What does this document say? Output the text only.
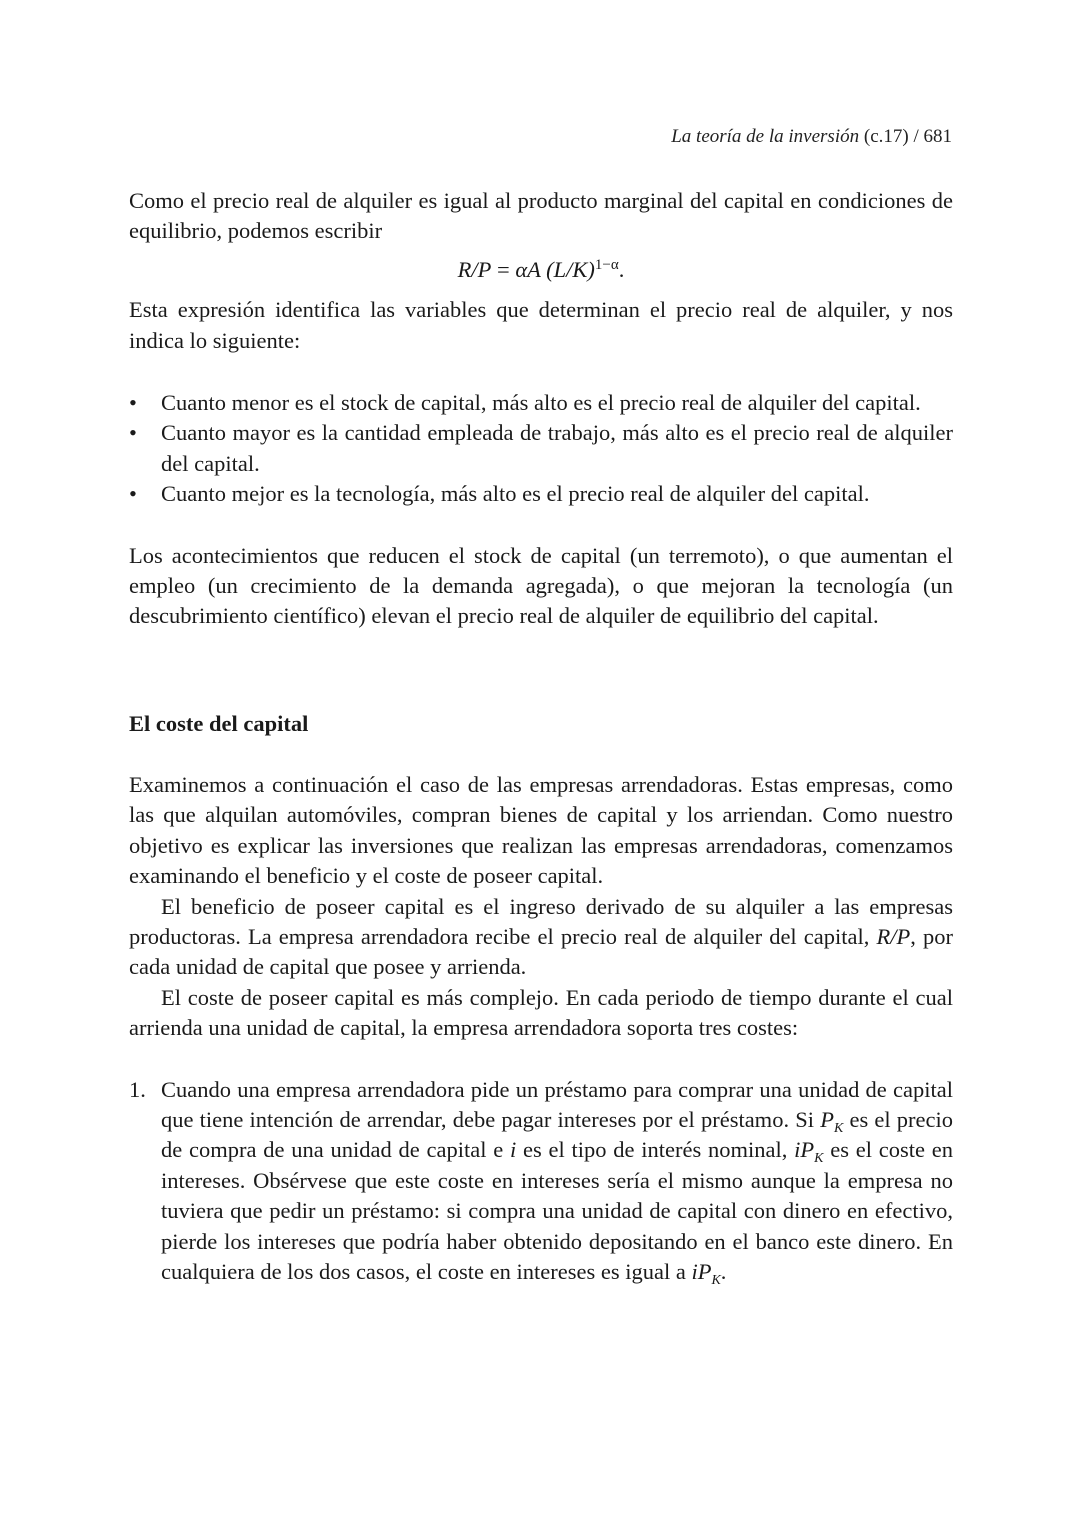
La teoría de la inversión (c.17) / 681

Como el precio real de alquiler es igual al producto marginal del capital en condiciones de equilibrio, podemos escribir

R/P = αA $(L/K)^{1-\alpha}$.

Esta expresión identifica las variables que determinan el precio real de alquiler, y nos indica lo siguiente:

• Cuanto menor es el stock de capital, más alto es el precio real de alquiler del capital.
• Cuanto mayor es la cantidad empleada de trabajo, más alto es el precio real de alquiler del capital.
• Cuanto mejor es la tecnología, más alto es el precio real de alquiler del capital.

Los acontecimientos que reducen el stock de capital (un terremoto), o que aumentan el empleo (un crecimiento de la demanda agregada), o que mejoran la tecnología (un descubrimiento científico) elevan el precio real de alquiler de equilibrio del capital.

El coste del capital

Examinemos a continuación el caso de las empresas arrendadoras. Estas empresas, como las que alquilan automóviles, compran bienes de capital y los arriendan. Como nuestro objetivo es explicar las inversiones que realizan las empresas arrendadoras, comenzamos examinando el beneficio y el coste de poseer capital.

El beneficio de poseer capital es el ingreso derivado de su alquiler a las empresas productoras. La empresa arrendadora recibe el precio real de alquiler del capital, R/P, por cada unidad de capital que posee y arrienda.

El coste de poseer capital es más complejo. En cada periodo de tiempo durante el cual arrienda una unidad de capital, la empresa arrendadora soporta tres costes:

1. Cuando una empresa arrendadora pide un préstamo para comprar una unidad de capital que tiene intención de arrendar, debe pagar intereses por el préstamo. Si $P_K$ es el precio de compra de una unidad de capital e i es el tipo de interés nominal, $iP_K$ es el coste en intereses. Obsérvese que este coste en intereses sería el mismo aunque la empresa no tuviera que pedir un préstamo: si compra una unidad de capital con dinero en efectivo, pierde los intereses que podría haber obtenido depositando en el banco este dinero. En cualquiera de los dos casos, el coste en intereses es igual a $iP_K$.
